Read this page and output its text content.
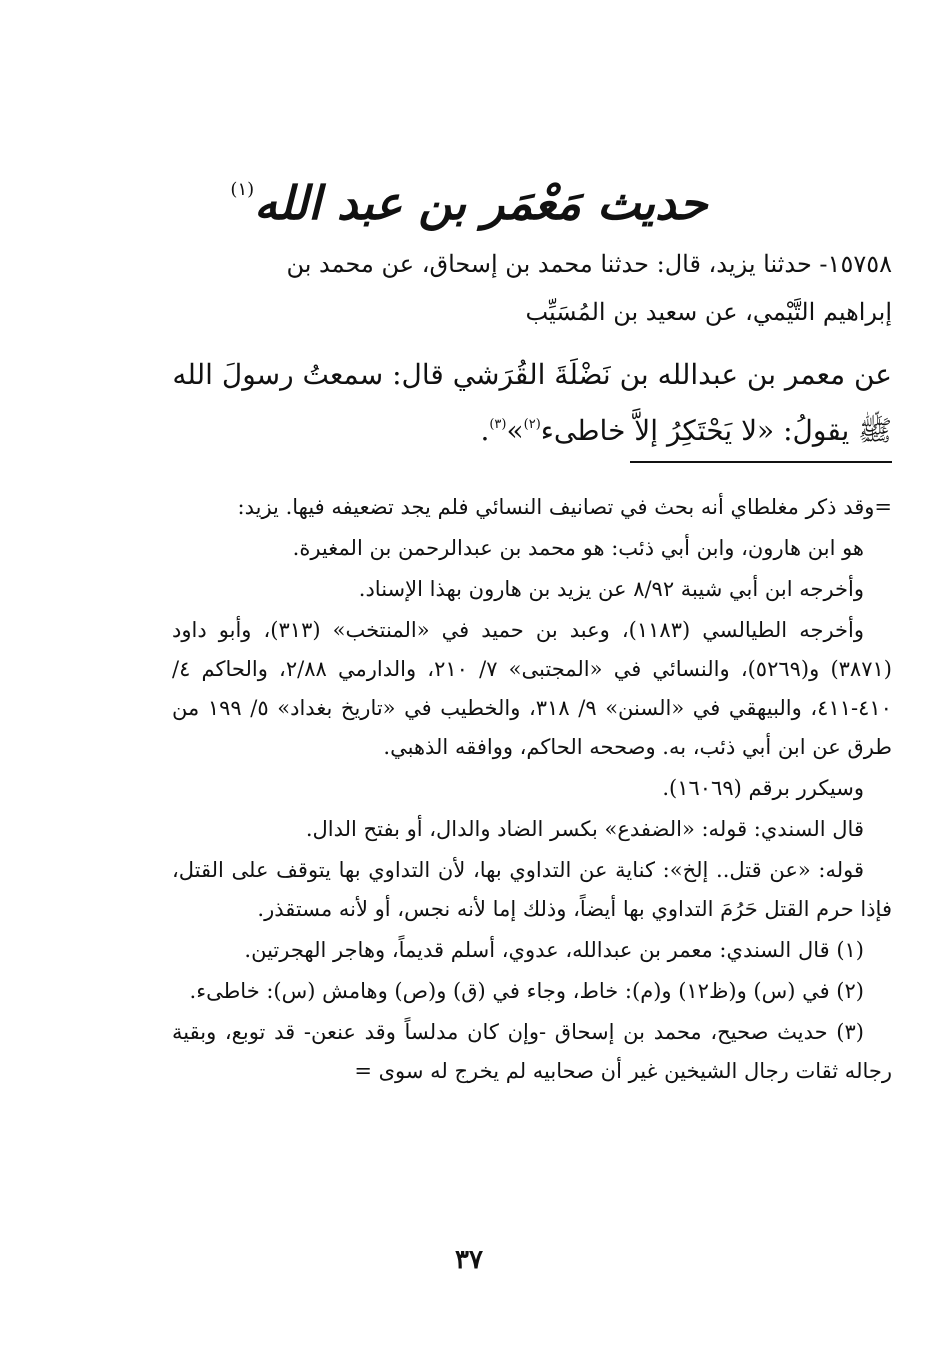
حديث مَعْمَر بن عبد الله$^{(١)}$

١٥٧٥٨- حدثنا يزيد، قال: حدثنا محمد بن إسحاق، عن محمد بن

إبراهيم التَّيْمي، عن سعيد بن المُسَيِّب

عن معمر بن عبدالله بن نَضْلَةَ القُرَشي قال: سمعتُ رسولَ الله

ﷺ يقولُ: «لا يَحْتَكِرُ إلاَّ خاطىء$^{(٢)}$»$^{(٣)}$.

=وقد ذكر مغلطاي أنه بحث في تصانيف النسائي فلم يجد تضعيفه فيها. يزيد:

هو ابن هارون، وابن أبي ذئب: هو محمد بن عبدالرحمن بن المغيرة.

وأخرجه ابن أبي شيبة ٨/٩٢ عن يزيد بن هارون بهذا الإسناد.

وأخرجه الطيالسي (١١٨٣)، وعبد بن حميد في «المنتخب» (٣١٣)، وأبو داود (٣٨٧١) و(٥٢٦٩)، والنسائي في «المجتبى» ٧/ ٢١٠، والدارمي ٢/٨٨، والحاكم ٤/ ٤١٠-٤١١، والبيهقي في «السنن» ٩/ ٣١٨، والخطيب في «تاريخ بغداد» ٥/ ١٩٩ من طرق عن ابن أبي ذئب، به. وصححه الحاكم، ووافقه الذهبي.

وسيكرر برقم (١٦٠٦٩).

قال السندي: قوله: «الضفدع» بكسر الضاد والدال، أو بفتح الدال.

قوله: «عن قتل.. إلخ»: كناية عن التداوي بها، لأن التداوي بها يتوقف على القتل، فإذا حرم القتل حَرُمَ التداوي بها أيضاً، وذلك إما لأنه نجس، أو لأنه مستقذر.

(١) قال السندي: معمر بن عبدالله، عدوي، أسلم قديماً، وهاجر الهجرتين.

(٢) في (س) و(ظ١٢) و(م): خاط، وجاء في (ق) و(ص) وهامش (س): خاطىء.

(٣) حديث صحيح، محمد بن إسحاق -وإن كان مدلساً وقد عنعن- قد توبع، وبقية رجاله ثقات رجال الشيخين غير أن صحابيه لم يخرج له سوى =

٣٧
